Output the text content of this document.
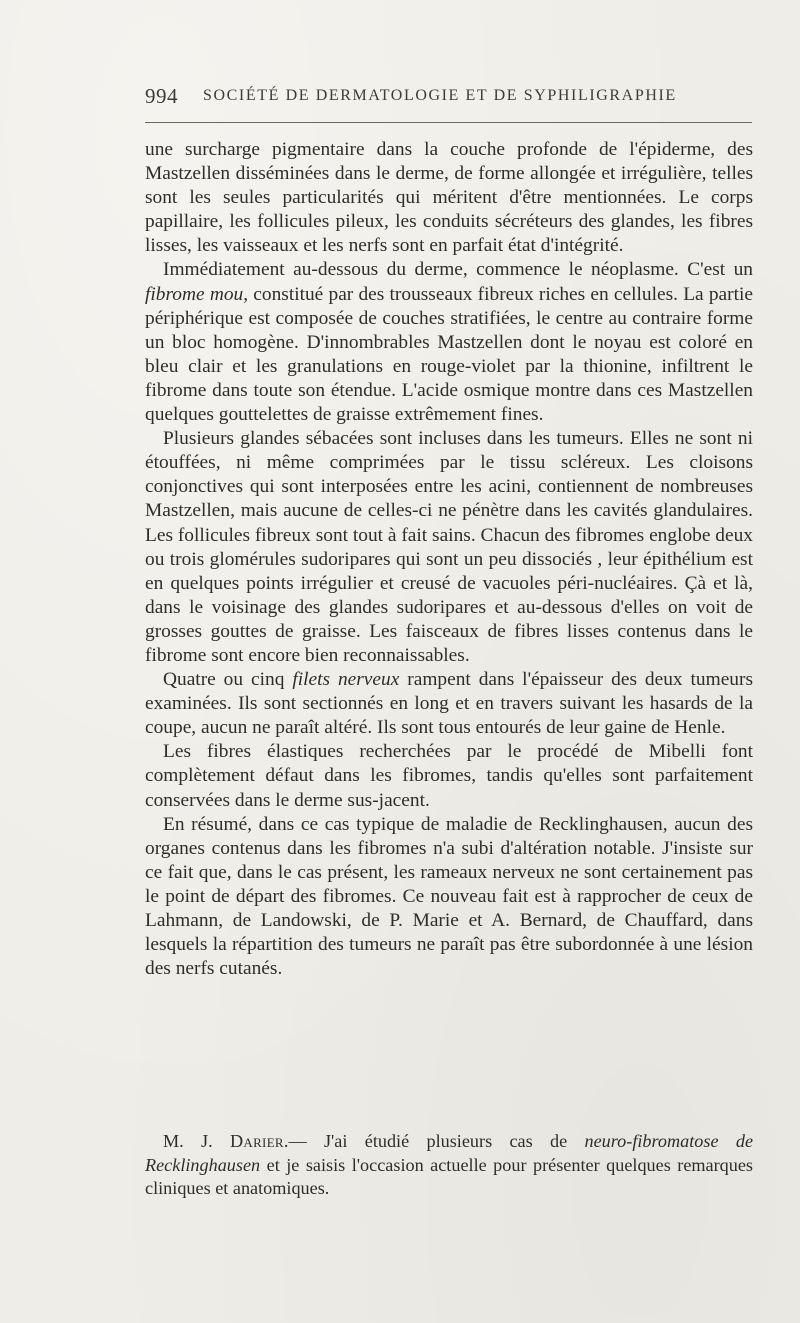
994 SOCIÉTÉ DE DERMATOLOGIE ET DE SYPHILIGRAPHIE

une surcharge pigmentaire dans la couche profonde de l'épiderme, des Mastzellen disséminées dans le derme, de forme allongée et irrégulière, telles sont les seules particularités qui méritent d'être mentionnées. Le corps papillaire, les follicules pileux, les conduits sécréteurs des glandes, les fibres lisses, les vaisseaux et les nerfs sont en parfait état d'intégrité.

Immédiatement au-dessous du derme, commence le néoplasme. C'est un fibrome mou, constitué par des trousseaux fibreux riches en cellules. La partie périphérique est composée de couches stratifiées, le centre au contraire forme un bloc homogène. D'innombrables Mastzellen dont le noyau est coloré en bleu clair et les granulations en rouge-violet par la thionine, infiltrent le fibrome dans toute son étendue. L'acide osmique montre dans ces Mastzellen quelques gouttelettes de graisse extrêmement fines.

Plusieurs glandes sébacées sont incluses dans les tumeurs. Elles ne sont ni étouffées, ni même comprimées par le tissu scléreux. Les cloisons conjonctives qui sont interposées entre les acini, contiennent de nombreuses Mastzellen, mais aucune de celles-ci ne pénètre dans les cavités glandulaires. Les follicules fibreux sont tout à fait sains. Chacun des fibromes englobe deux ou trois glomérules sudoripares qui sont un peu dissociés , leur épithélium est en quelques points irrégulier et creusé de vacuoles péri-nucléaires. Çà et là, dans le voisinage des glandes sudoripares et au-dessous d'elles on voit de grosses gouttes de graisse. Les faisceaux de fibres lisses contenus dans le fibrome sont encore bien reconnaissables.

Quatre ou cinq filets nerveux rampent dans l'épaisseur des deux tumeurs examinées. Ils sont sectionnés en long et en travers suivant les hasards de la coupe, aucun ne paraît altéré. Ils sont tous entourés de leur gaine de Henle.

Les fibres élastiques recherchées par le procédé de Mibelli font complètement défaut dans les fibromes, tandis qu'elles sont parfaitement conservées dans le derme sus-jacent.

En résumé, dans ce cas typique de maladie de Recklinghausen, aucun des organes contenus dans les fibromes n'a subi d'altération notable. J'insiste sur ce fait que, dans le cas présent, les rameaux nerveux ne sont certainement pas le point de départ des fibromes. Ce nouveau fait est à rapprocher de ceux de Lahmann, de Landowski, de P. Marie et A. Bernard, de Chauffard, dans lesquels la répartition des tumeurs ne paraît pas être subordonnée à une lésion des nerfs cutanés.

M. J. Darier.— J'ai étudié plusieurs cas de neuro-fibromatose de Recklinghausen et je saisis l'occasion actuelle pour présenter quelques remarques cliniques et anatomiques.
